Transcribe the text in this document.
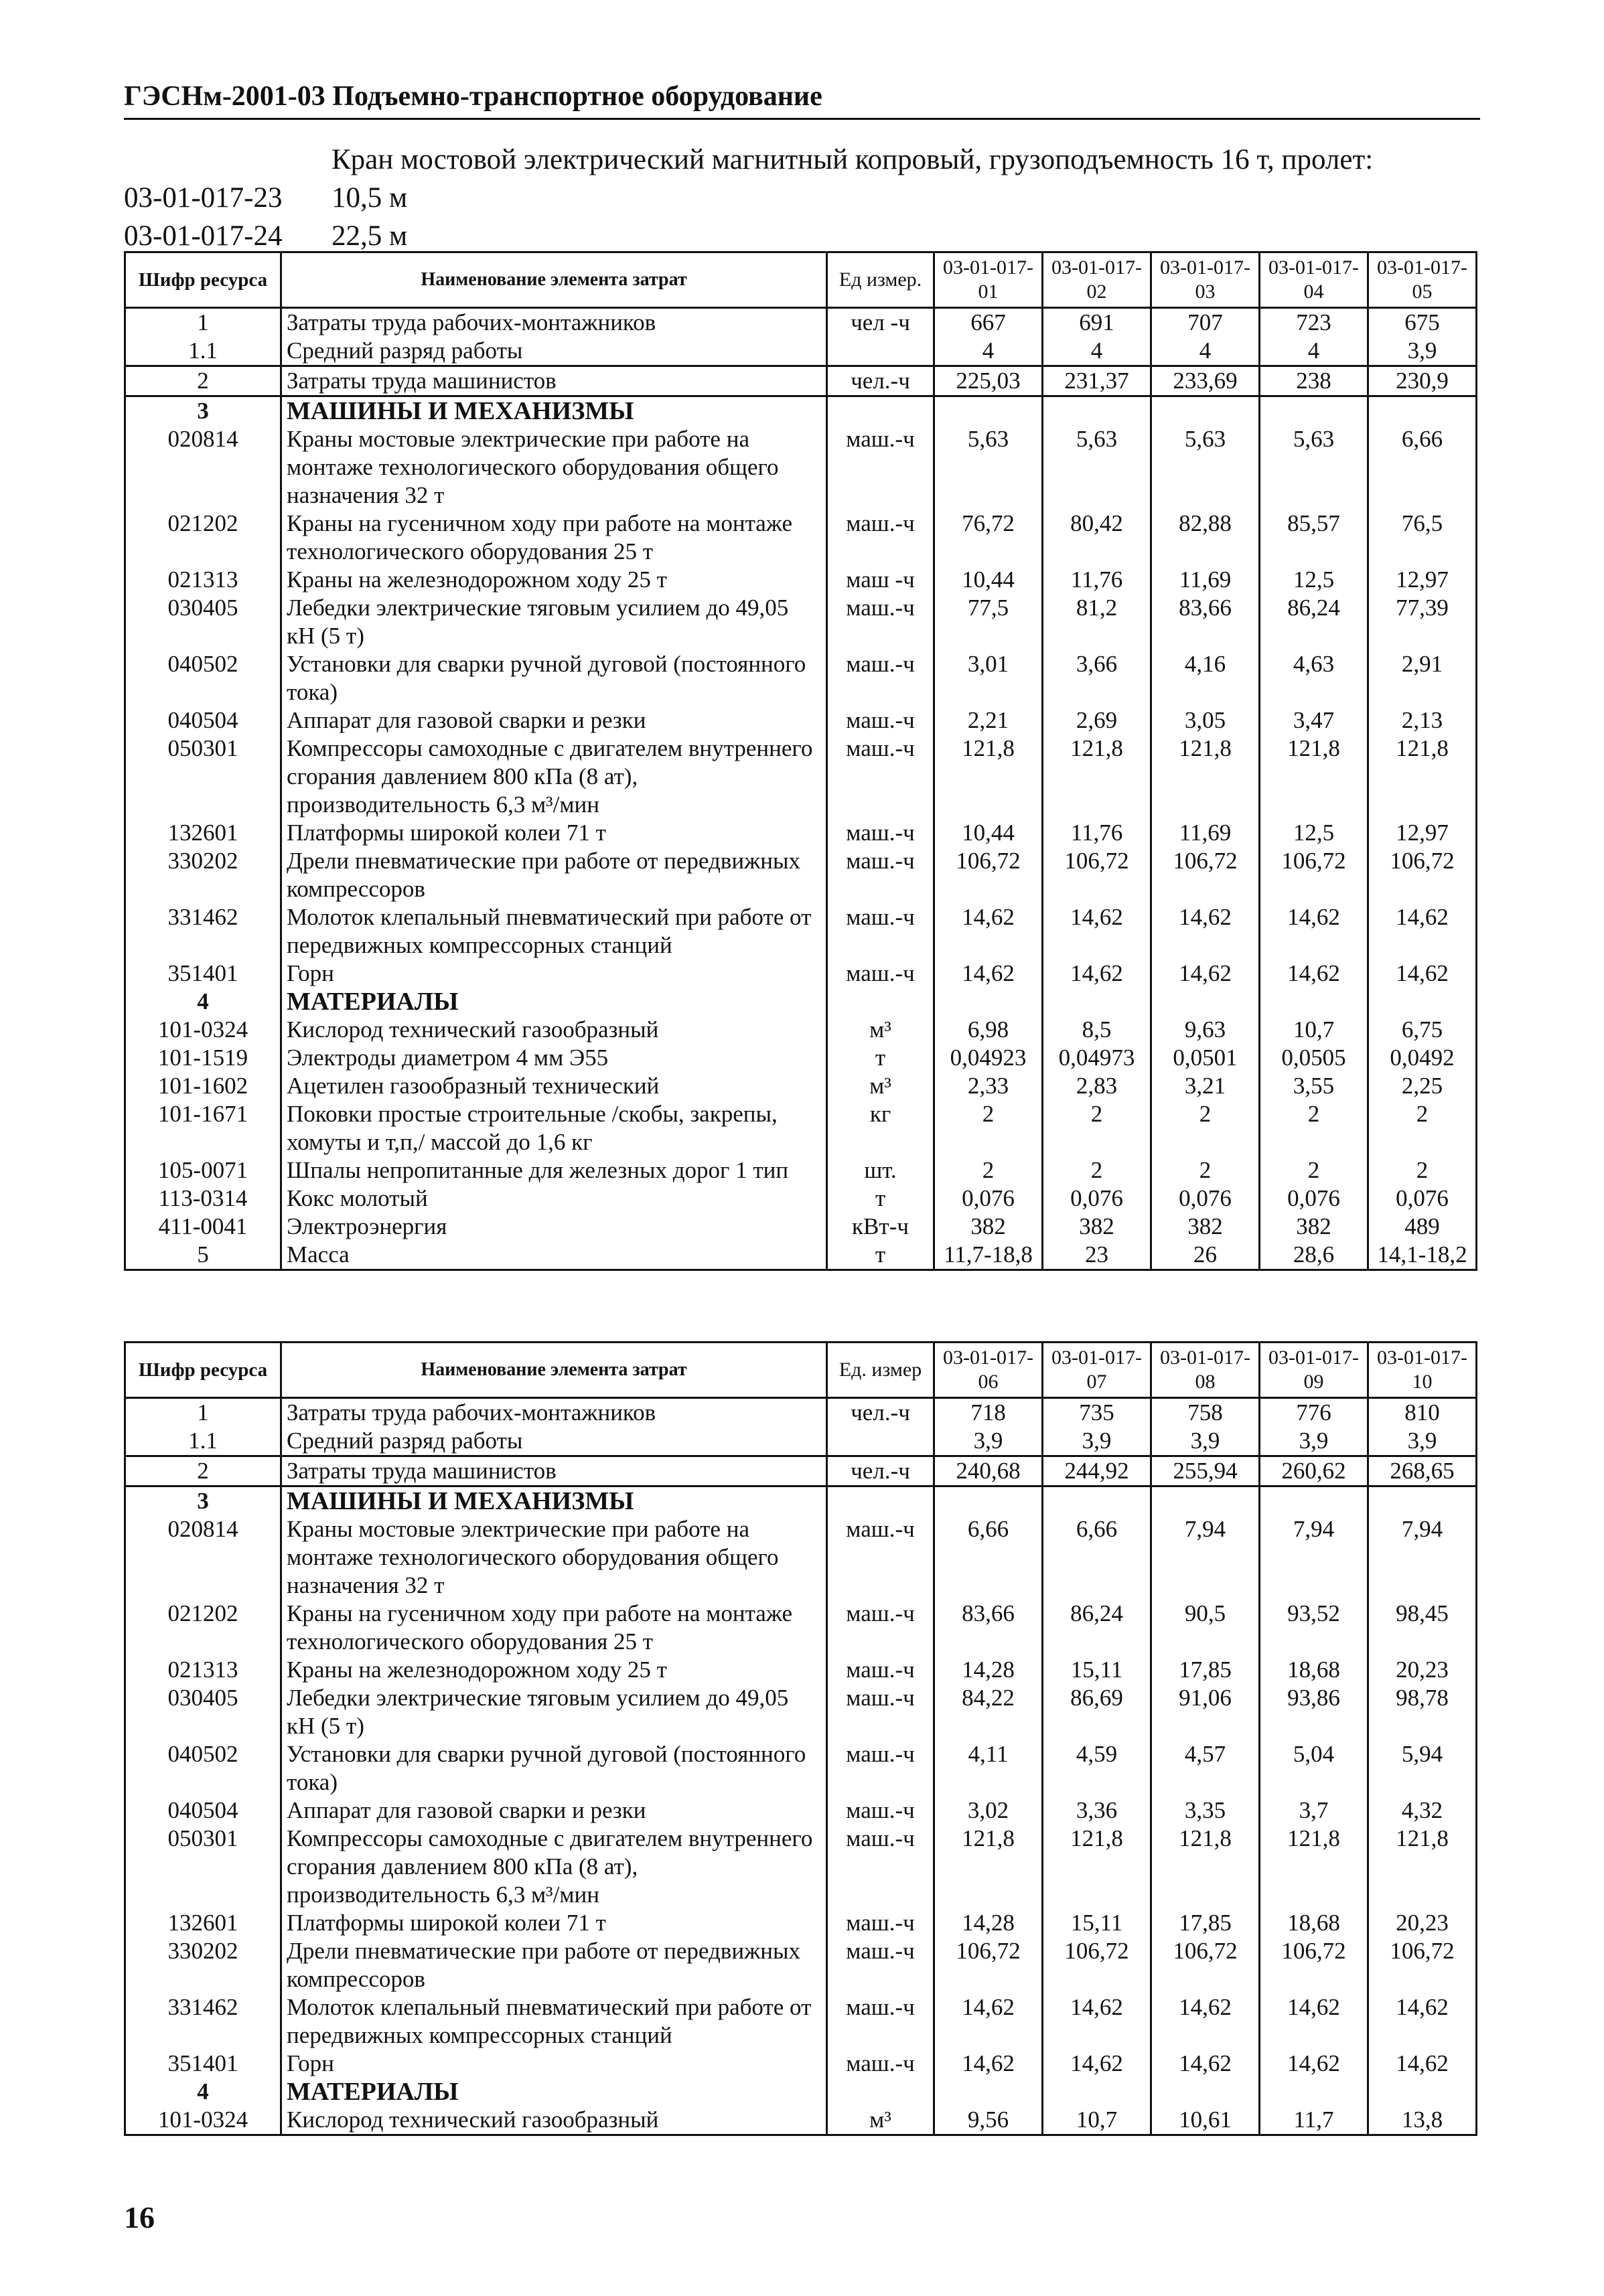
ГЭСНм-2001-03 Подъемно-транспортное оборудование
Кран мостовой электрический магнитный копровый, грузоподъемность 16 т, пролет:
03-01-017-23	10,5 м
03-01-017-24	22,5 м
Шифр ресурса	Наименование элемента затрат	Ед измер.	03-01-017-01	03-01-017-02	03-01-017-03	03-01-017-04	03-01-017-05
1	Затраты труда рабочих-монтажников	чел -ч	667	691	707	723	675
1.1	Средний разряд работы		4	4	4	4	3,9
2	Затраты труда машинистов	чел.-ч	225,03	231,37	233,69	238	230,9
3	МАШИНЫ И МЕХАНИЗМЫ						
020814	Краны мостовые электрические при работе на монтаже технологического оборудования общего назначения 32 т	маш.-ч	5,63	5,63	5,63	5,63	6,66
021202	Краны на гусеничном ходу при работе на монтаже технологического оборудования 25 т	маш.-ч	76,72	80,42	82,88	85,57	76,5
021313	Краны на железнодорожном ходу 25 т	маш -ч	10,44	11,76	11,69	12,5	12,97
030405	Лебедки электрические тяговым усилием до 49,05 кН (5 т)	маш.-ч	77,5	81,2	83,66	86,24	77,39
040502	Установки для сварки ручной дуговой (постоянного тока)	маш.-ч	3,01	3,66	4,16	4,63	2,91
040504	Аппарат для газовой сварки и резки	маш.-ч	2,21	2,69	3,05	3,47	2,13
050301	Компрессоры самоходные с двигателем внутреннего сгорания давлением 800 кПа (8 ат), производительность 6,3 м³/мин	маш.-ч	121,8	121,8	121,8	121,8	121,8
132601	Платформы широкой колеи 71 т	маш.-ч	10,44	11,76	11,69	12,5	12,97
330202	Дрели пневматические при работе от передвижных компрессоров	маш.-ч	106,72	106,72	106,72	106,72	106,72
331462	Молоток клепальный пневматический при работе от передвижных компрессорных станций	маш.-ч	14,62	14,62	14,62	14,62	14,62
351401	Горн	маш.-ч	14,62	14,62	14,62	14,62	14,62
4	МАТЕРИАЛЫ						
101-0324	Кислород технический газообразный	м³	6,98	8,5	9,63	10,7	6,75
101-1519	Электроды диаметром 4 мм Э55	т	0,04923	0,04973	0,0501	0,0505	0,0492
101-1602	Ацетилен газообразный технический	м³	2,33	2,83	3,21	3,55	2,25
101-1671	Поковки простые строительные /скобы, закрепы, хомуты и т,п,/ массой до 1,6 кг	кг	2	2	2	2	2
105-0071	Шпалы непропитанные для железных дорог 1 тип	шт.	2	2	2	2	2
113-0314	Кокс молотый	т	0,076	0,076	0,076	0,076	0,076
411-0041	Электроэнергия	кВт-ч	382	382	382	382	489
5	Масса	т	11,7-18,8	23	26	28,6	14,1-18,2
Шифр ресурса	Наименование элемента затрат	Ед. измер	03-01-017-06	03-01-017-07	03-01-017-08	03-01-017-09	03-01-017-10
1	Затраты труда рабочих-монтажников	чел.-ч	718	735	758	776	810
1.1	Средний разряд работы		3,9	3,9	3,9	3,9	3,9
2	Затраты труда машинистов	чел.-ч	240,68	244,92	255,94	260,62	268,65
3	МАШИНЫ И МЕХАНИЗМЫ						
020814	Краны мостовые электрические при работе на монтаже технологического оборудования общего назначения 32 т	маш.-ч	6,66	6,66	7,94	7,94	7,94
021202	Краны на гусеничном ходу при работе на монтаже технологического оборудования 25 т	маш.-ч	83,66	86,24	90,5	93,52	98,45
021313	Краны на железнодорожном ходу 25 т	маш.-ч	14,28	15,11	17,85	18,68	20,23
030405	Лебедки электрические тяговым усилием до 49,05 кН (5 т)	маш.-ч	84,22	86,69	91,06	93,86	98,78
040502	Установки для сварки ручной дуговой (постоянного тока)	маш.-ч	4,11	4,59	4,57	5,04	5,94
040504	Аппарат для газовой сварки и резки	маш.-ч	3,02	3,36	3,35	3,7	4,32
050301	Компрессоры самоходные с двигателем внутреннего сгорания давлением 800 кПа (8 ат), производительность 6,3 м³/мин	маш.-ч	121,8	121,8	121,8	121,8	121,8
132601	Платформы широкой колеи 71 т	маш.-ч	14,28	15,11	17,85	18,68	20,23
330202	Дрели пневматические при работе от передвижных компрессоров	маш.-ч	106,72	106,72	106,72	106,72	106,72
331462	Молоток клепальный пневматический при работе от передвижных компрессорных станций	маш.-ч	14,62	14,62	14,62	14,62	14,62
351401	Горн	маш.-ч	14,62	14,62	14,62	14,62	14,62
4	МАТЕРИАЛЫ						
101-0324	Кислород технический газообразный	м³	9,56	10,7	10,61	11,7	13,8
16
